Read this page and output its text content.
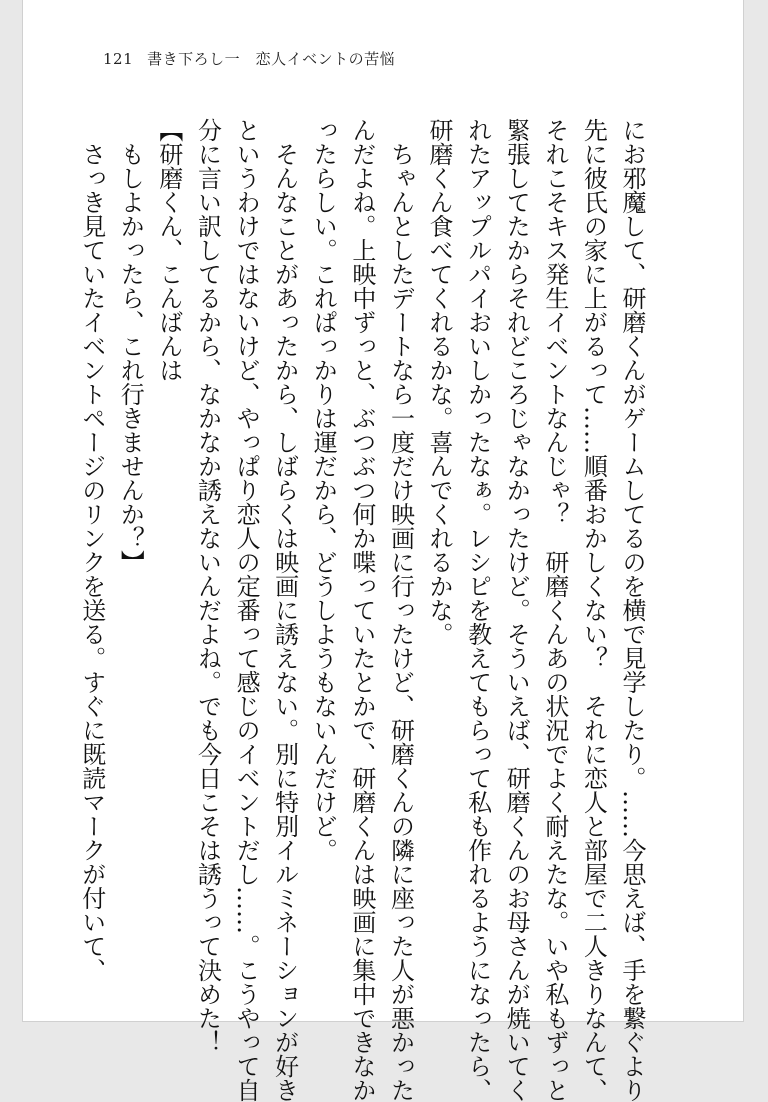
121 書き下ろし一　恋人イベントの苦悩

にお邪魔して、研磨くんがゲームしてるのを横で見学したり。……今思えば、手を繋ぐより

先に彼氏の家に上がるって……順番おかしくない？　それに恋人と部屋で二人きりなんて、

それこそキス発生イベントなんじゃ？　研磨くんあの状況でよく耐えたな。いや私もずっと

緊張してたからそれどころじゃなかったけど。そういえば、研磨くんのお母さんが焼いてく

れたアップルパイおいしかったなぁ。レシピを教えてもらって私も作れるようになったら、

研磨くん食べてくれるかな。喜んでくれるかな。

　ちゃんとしたデートなら一度だけ映画に行ったけど、研磨くんの隣に座った人が悪かった

んだよね。上映中ずっと、ぶつぶつ何か喋っていたとかで、研磨くんは映画に集中できなか

ったらしい。これぱっかりは運だから、どうしようもないんだけど。

　そんなことがあったから、しばらくは映画に誘えない。別に特別イルミネーションが好き

というわけではないけど、やっぱり恋人の定番って感じのイベントだし……。こうやって自

分に言い訳してるから、なかなか誘えないんだよね。でも今日こそは誘うって決めた！

【研磨くん、こんばんは

　もしよかったら、これ行きませんか？】

　さっき見ていたイベントページのリンクを送る。すぐに既読マークが付いて、
